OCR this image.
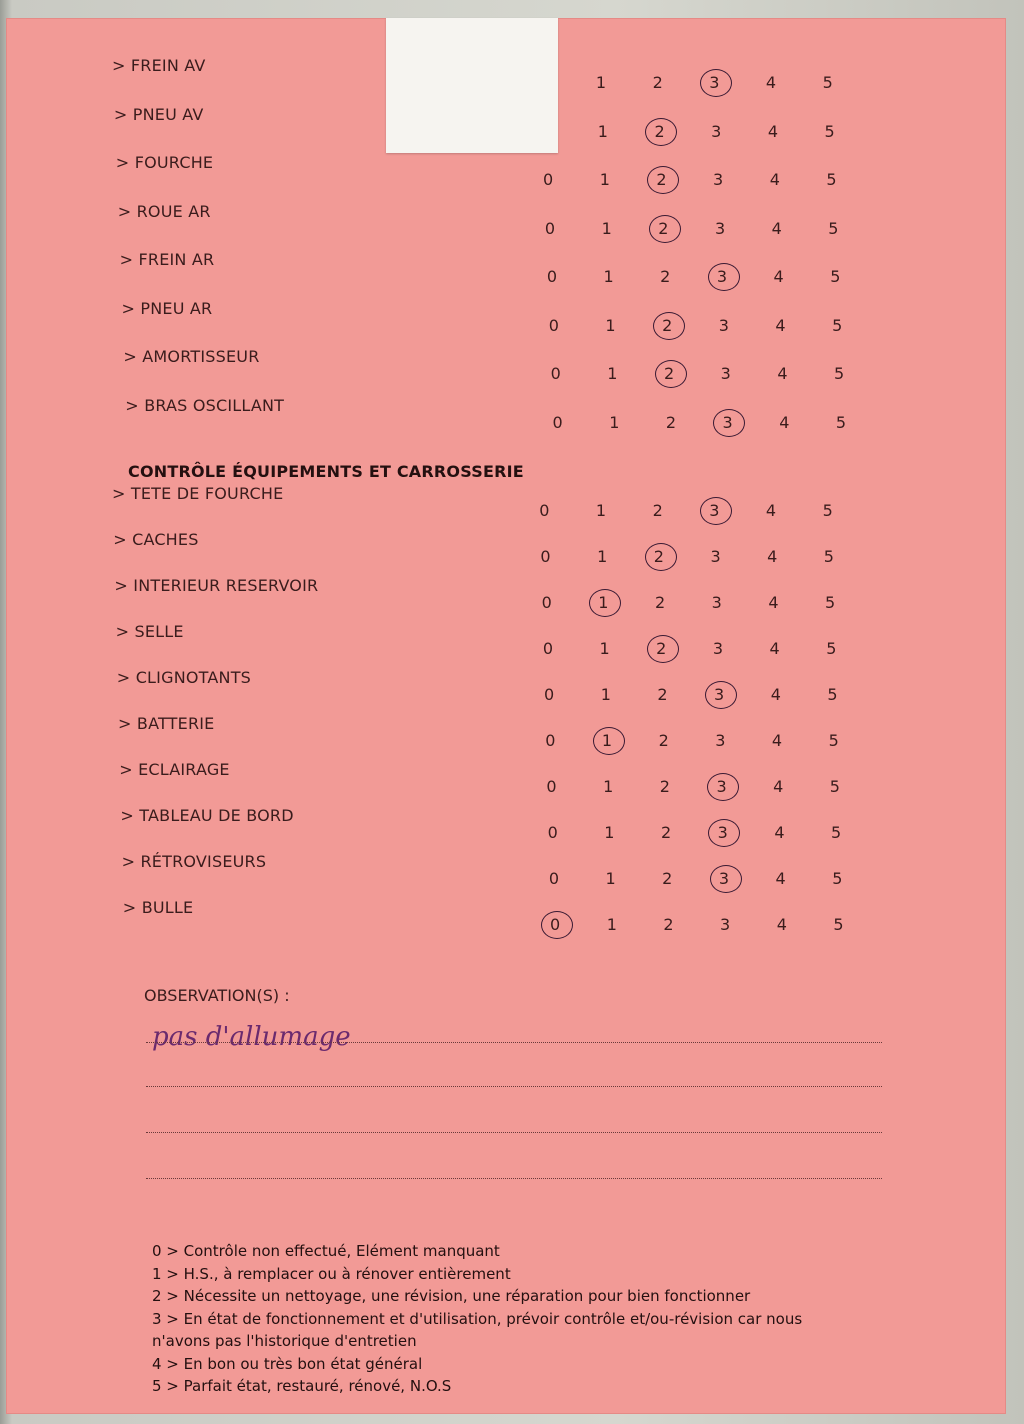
> FREIN AV
1	2	3	4	5
> PNEU AV
1	2	3	4	5
> FOURCHE
0	1	2	3	4	5
> ROUE AR
0	1	2	3	4	5
> FREIN AR
0	1	2	3	4	5
> PNEU AR
0	1	2	3	4	5
> AMORTISSEUR
0	1	2	3	4	5
> BRAS OSCILLANT
0	1	2	3	4	5
CONTRÔLE ÉQUIPEMENTS ET CARROSSERIE
> TETE DE FOURCHE
0	1	2	3	4	5
> CACHES
0	1	2	3	4	5
> INTERIEUR RESERVOIR
0	1	2	3	4	5
> SELLE
0	1	2	3	4	5
> CLIGNOTANTS
0	1	2	3	4	5
> BATTERIE
0	1	2	3	4	5
> ECLAIRAGE
0	1	2	3	4	5
> TABLEAU DE BORD
0	1	2	3	4	5
> RÉTROVISEURS
0	1	2	3	4	5
> BULLE
0	1	2	3	4	5
OBSERVATION(S) :
pas d'allumage
0 > Contrôle non effectué, Elément manquant
1 > H.S., à remplacer ou à rénover entièrement
2 > Nécessite un nettoyage, une révision, une réparation pour bien fonctionner
3 > En état de fonctionnement et d'utilisation, prévoir contrôle et/ou-révision car nous
n'avons pas l'historique d'entretien
4 > En bon ou très bon état général
5 > Parfait état, restauré, rénové, N.O.S
